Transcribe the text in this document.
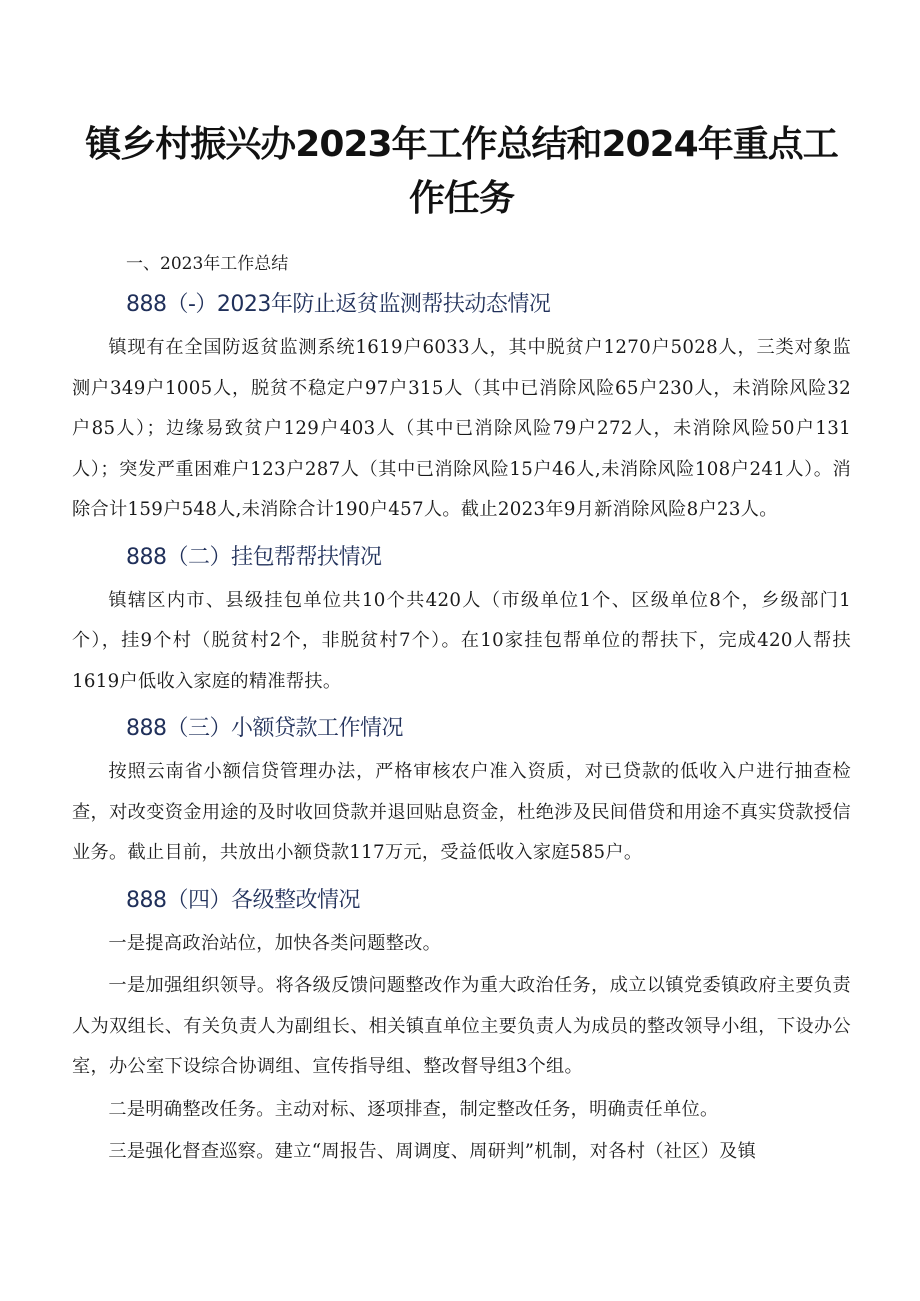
镇乡村振兴办2023年工作总结和2024年重点工作任务
一、2023年工作总结
888（-）2023年防止返贫监测帮扶动态情况

镇现有在全国防返贫监测系统1619户6033人，其中脱贫户1270户5028人，三类对象监测户349户1005人，脱贫不稳定户97户315人（其中已消除风险65户230人，未消除风险32户85人）；边缘易致贫户129户403人（其中已消除风险79户272人，未消除风险50户131人）；突发严重困难户123户287人（其中已消除风险15户46人,未消除风险108户241人）。消除合计159户548人,未消除合计190户457人。截止2023年9月新消除风险8户23人。

888（二）挂包帮帮扶情况

镇辖区内市、县级挂包单位共10个共420人（市级单位1个、区级单位8个，乡级部门1个），挂9个村（脱贫村2个，非脱贫村7个）。在10家挂包帮单位的帮扶下，完成420人帮扶1619户低收入家庭的精准帮扶。

888（三）小额贷款工作情况

按照云南省小额信贷管理办法，严格审核农户准入资质，对已贷款的低收入户进行抽查检查，对改变资金用途的及时收回贷款并退回贴息资金，杜绝涉及民间借贷和用途不真实贷款授信业务。截止目前，共放出小额贷款117万元，受益低收入家庭585户。

888（四）各级整改情况

一是提高政治站位，加快各类问题整改。

一是加强组织领导。将各级反馈问题整改作为重大政治任务，成立以镇党委镇政府主要负责人为双组长、有关负责人为副组长、相关镇直单位主要负责人为成员的整改领导小组，下设办公室，办公室下设综合协调组、宣传指导组、整改督导组3个组。

二是明确整改任务。主动对标、逐项排查，制定整改任务，明确责任单位。

三是强化督查巡察。建立“周报告、周调度、周研判”机制，对各村（社区）及镇
